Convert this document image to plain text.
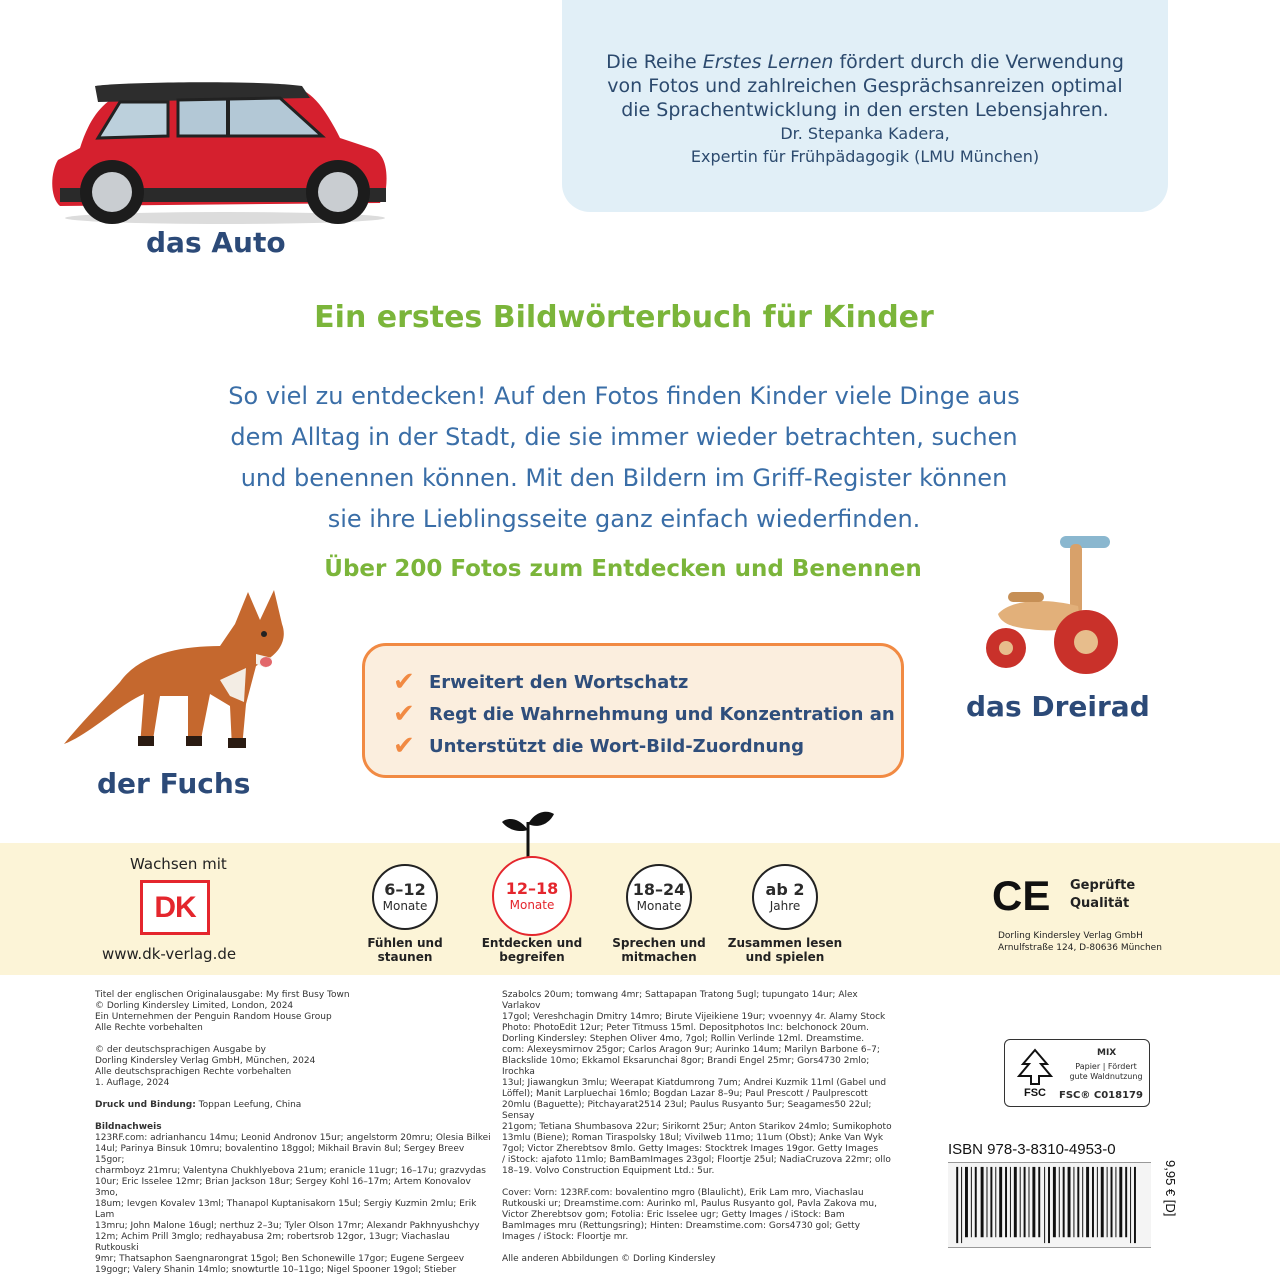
Die Reihe Erstes Lernen fördert durch die Verwendung

von Fotos und zahlreichen Gesprächsanreizen optimal

die Sprachentwicklung in den ersten Lebensjahren.

Dr. Stepanka Kadera,

Expertin für Frühpädagogik (LMU München)

das Auto
Ein erstes Bildwörterbuch für Kinder
So viel zu entdecken! Auf den Fotos finden Kinder viele Dinge aus
dem Alltag in der Stadt, die sie immer wieder betrachten, suchen
und benennen können. Mit den Bildern im Griff-Register können
sie ihre Lieblingsseite ganz einfach wiederfinden.
Über 200 Fotos zum Entdecken und Benennen
der Fuchs
das Dreirad
✔ Erweitert den Wortschatz
✔ Regt die Wahrnehmung und Konzentration an
✔ Unterstützt die Wort-Bild-Zuordnung
Wachsen mit
DK
www.dk-verlag.de
6–12
Monate
Fühlen und
staunen
12–18
Monate
Entdecken und
begreifen
18–24
Monate
Sprechen und
mitmachen
ab 2
Jahre
Zusammen lesen
und spielen
CE Geprüfte
Qualität
Dorling Kindersley Verlag GmbH
Arnulfstraße 124, D-80636 München

Titel der englischen Originalausgabe: My first Busy Town

© Dorling Kindersley Limited, London, 2024

Ein Unternehmen der Penguin Random House Group

Alle Rechte vorbehalten

© der deutschsprachigen Ausgabe by

Dorling Kindersley Verlag GmbH, München, 2024

Alle deutschsprachigen Rechte vorbehalten

1. Auflage, 2024

Druck und Bindung: Toppan Leefung, China

Bildnachweis

123RF.com: adrianhancu 14mu; Leonid Andronov 15ur; angelstorm 20mru; Olesia Bilkei

14ul; Parinya Binsuk 10mru; bovalentino 18ggol; Mikhail Bravin 8ul; Sergey Breev 15gor;

charmboyz 21mru; Valentyna Chukhlyebova 21um; eranicle 11ugr; 16–17u; grazvydas

10ur; Eric Isselee 12mr; Brian Jackson 18ur; Sergey Kohl 16–17m; Artem Konovalov 3mo,

18um; Ievgen Kovalev 13ml; Thanapol Kuptanisakorn 15ul; Sergiy Kuzmin 2mlu; Erik Lam

13mru; John Malone 16ugl; nerthuz 2–3u; Tyler Olson 17mr; Alexandr Pakhnyushchyy

12m; Achim Prill 3mglo; redhayabusa 2m; robertsrob 12gor, 13ugr; Viachaslau Rutkouski

9mr; Thatsaphon Saengnarongrat 15gol; Ben Schonewille 17gor; Eugene Sergeev

19gogr; Valery Shanin 14mlo; snowturtle 10–11go; Nigel Spooner 19gol; Stieber

Szabolcs 20um; tomwang 4mr; Sattapapan Tratong 5ugl; tupungato 14ur; Alex Varlakov

17gol; Vereshchagin Dmitry 14mro; Birute Vijeikiene 19ur; vvoennyy 4r. Alamy Stock

Photo: PhotoEdit 12ur; Peter Titmuss 15ml. Depositphotos Inc: belchonock 20um.

Dorling Kindersley: Stephen Oliver 4mo, 7gol; Rollin Verlinde 12ml. Dreamstime.

com: Alexeysmirnov 25gor; Carlos Aragon 9ur; Aurinko 14um; Marilyn Barbone 6–7;

Blackslide 10mo; Ekkamol Eksarunchai 8gor; Brandi Engel 25mr; Gors4730 2mlo; Irochka

13ul; Jiawangkun 3mlu; Weerapat Kiatdumrong 7um; Andrei Kuzmik 11ml (Gabel und

Löffel); Manit Larpluechai 16mlo; Bogdan Lazar 8–9u; Paul Prescott / Paulprescott

20mlu (Baguette); Pitchayarat2514 23ul; Paulus Rusyanto 5ur; Seagames50 22ul; Sensay

21gom; Tetiana Shumbasova 22ur; Sirikornt 25ur; Anton Starikov 24mlo; Sumikophoto

13mlu (Biene); Roman Tiraspolsky 18ul; Vivilweb 11mo; 11um (Obst); Anke Van Wyk

7gol; Victor Zherebtsov 8mlo. Getty Images: Stocktrek Images 19gor. Getty Images

/ iStock: ajafoto 11mlo; BamBamImages 23gol; Floortje 25ul; NadiaCruzova 22mr; ollo

18–19. Volvo Construction Equipment Ltd.: 5ur.

Cover: Vorn: 123RF.com: bovalentino mgro (Blaulicht), Erik Lam mro, Viachaslau

Rutkouski ur; Dreamstime.com: Aurinko ml, Paulus Rusyanto gol, Pavla Zakova mu,

Victor Zherebtsov gom; Fotolia: Eric Isselee ugr; Getty Images / iStock: Bam

BamImages mru (Rettungsring); Hinten: Dreamstime.com: Gors4730 gol; Getty

Images / iStock: Floortje mr.

Alle anderen Abbildungen © Dorling Kindersley

FSC
MIX
Papier | Fördert
gute Waldnutzung
FSC® C018179
ISBN 978-3-8310-4953-0
9,95 € [D]
